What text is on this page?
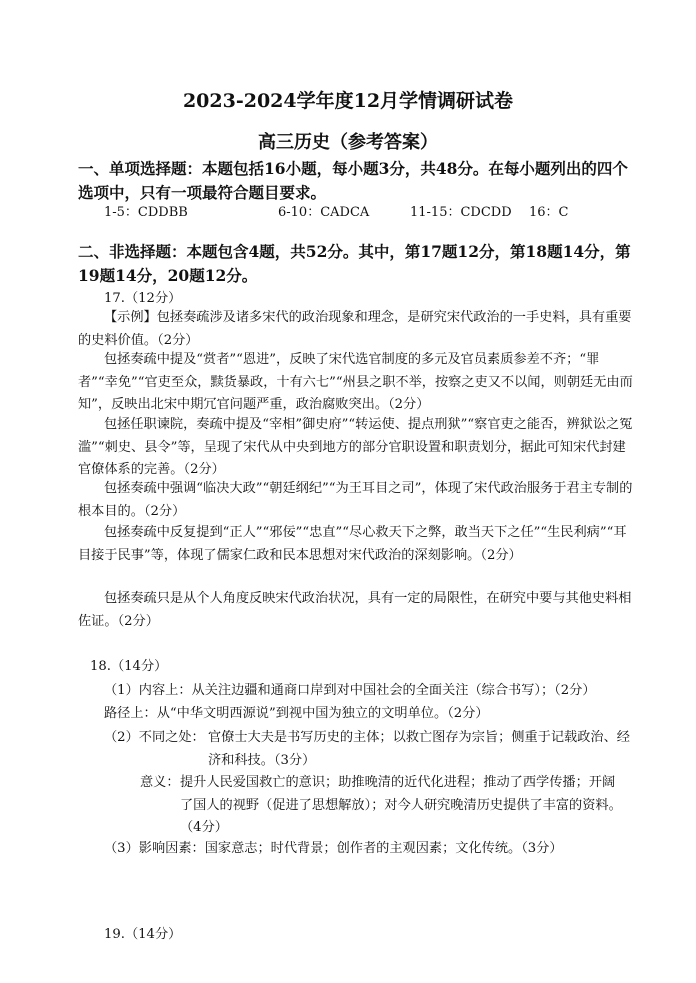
2023-2024学年度12月学情调研试卷
高三历史（参考答案）
一、单项选择题：本题包括16小题，每小题3分，共48分。在每小题列出的四个选项中，只有一项最符合题目要求。
1-5：CDDBB	6-10：CADCA	11-15：CDCDD 16：C
二、非选择题：本题包含4题，共52分。其中，第17题12分，第18题14分，第19题14分，20题12分。
17.（12分）
【示例】包拯奏疏涉及诸多宋代的政治现象和理念，是研究宋代政治的一手史料，具有重要的史料价值。（2分）
包拯奏疏中提及“赏者”“恩进”，反映了宋代选官制度的多元及官员素质参差不齐；“罪者”“幸免”“官吏至众，黩货暴政，十有六七”“州县之职不举，按察之吏又不以闻，则朝廷无由而知”，反映出北宋中期冗官问题严重，政治腐败突出。（2分）
包拯任职谏院，奏疏中提及“宰相”御史府”“转运使、提点刑狱”“察官吏之能否，辨狱讼之冤滥”“刺史、县令”等，呈现了宋代从中央到地方的部分官职设置和职责划分，据此可知宋代封建官僚体系的完善。（2分）
包拯奏疏中强调“临决大政”“朝廷纲纪”“为王耳目之司”，体现了宋代政治服务于君主专制的根本目的。（2分）
包拯奏疏中反复提到“正人”“邪佞”“忠直”“尽心救天下之弊，敢当天下之任”“生民利病”“耳目接于民事”等，体现了儒家仁政和民本思想对宋代政治的深刻影响。（2分）
包拯奏疏只是从个人角度反映宋代政治状况，具有一定的局限性，在研究中要与其他史料相佐证。（2分）
18.（14分）
（1）内容上：从关注边疆和通商口岸到对中国社会的全面关注（综合书写）；（2分）
路径上：从“中华文明西源说”到视中国为独立的文明单位。（2分）
（2）不同之处： 官僚士大夫是书写历史的主体；以救亡图存为宗旨；侧重于记载政治、经济和科技。（3分）
意义： 提升人民爱国救亡的意识；助推晚清的近代化进程；推动了西学传播；开阔了国人的视野（促进了思想解放）；对今人研究晚清历史提供了丰富的资料。（4分）
（3）影响因素：国家意志；时代背景；创作者的主观因素；文化传统。（3分）
19.（14分）
